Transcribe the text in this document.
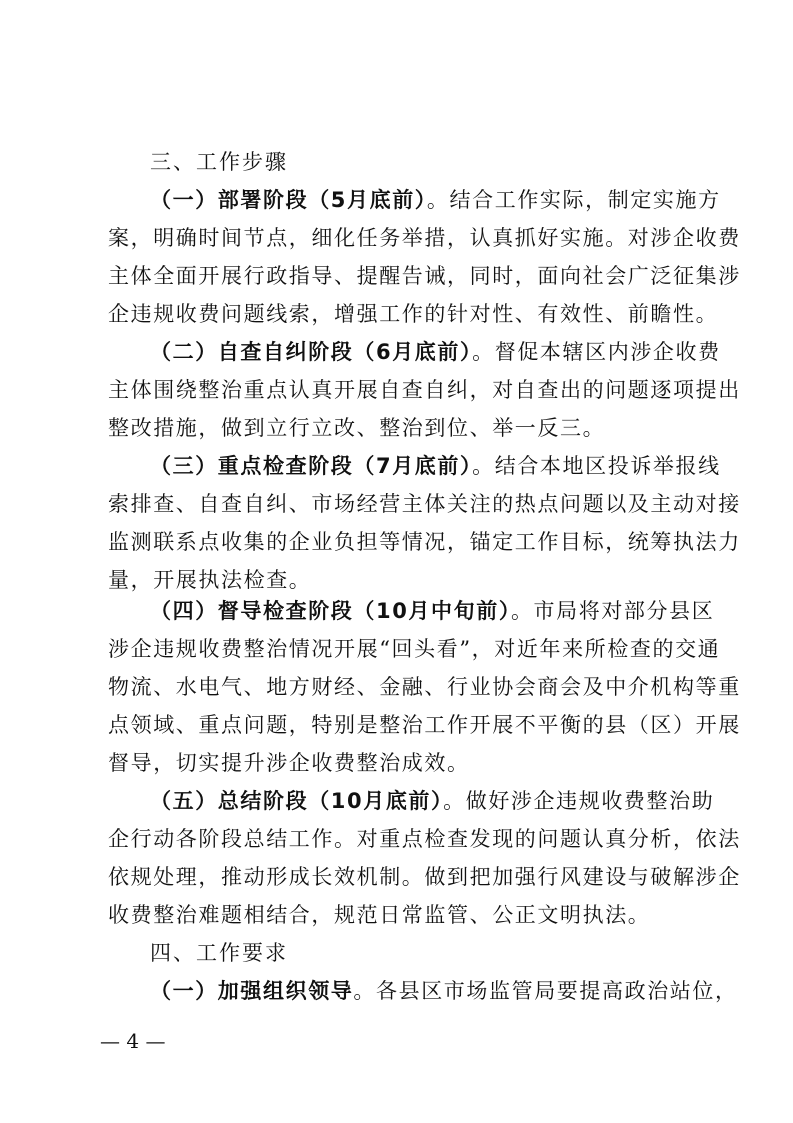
三、工作步骤
（一）部署阶段（5月底前）。结合工作实际，制定实施方
案，明确时间节点，细化任务举措，认真抓好实施。对涉企收费
主体全面开展行政指导、提醒告诫，同时，面向社会广泛征集涉
企违规收费问题线索，增强工作的针对性、有效性、前瞻性。
（二）自查自纠阶段（6月底前）。督促本辖区内涉企收费
主体围绕整治重点认真开展自查自纠，对自查出的问题逐项提出
整改措施，做到立行立改、整治到位、举一反三。
（三）重点检查阶段（7月底前）。结合本地区投诉举报线
索排查、自查自纠、市场经营主体关注的热点问题以及主动对接
监测联系点收集的企业负担等情况，锚定工作目标，统筹执法力
量，开展执法检查。
（四）督导检查阶段（10月中旬前）。市局将对部分县区
涉企违规收费整治情况开展“回头看”，对近年来所检查的交通
物流、水电气、地方财经、金融、行业协会商会及中介机构等重
点领域、重点问题，特别是整治工作开展不平衡的县（区）开展
督导，切实提升涉企收费整治成效。
（五）总结阶段（10月底前）。做好涉企违规收费整治助
企行动各阶段总结工作。对重点检查发现的问题认真分析，依法
依规处理，推动形成长效机制。做到把加强行风建设与破解涉企
收费整治难题相结合，规范日常监管、公正文明执法。
四、工作要求
（一）加强组织领导。各县区市场监管局要提高政治站位，
— 4 —
